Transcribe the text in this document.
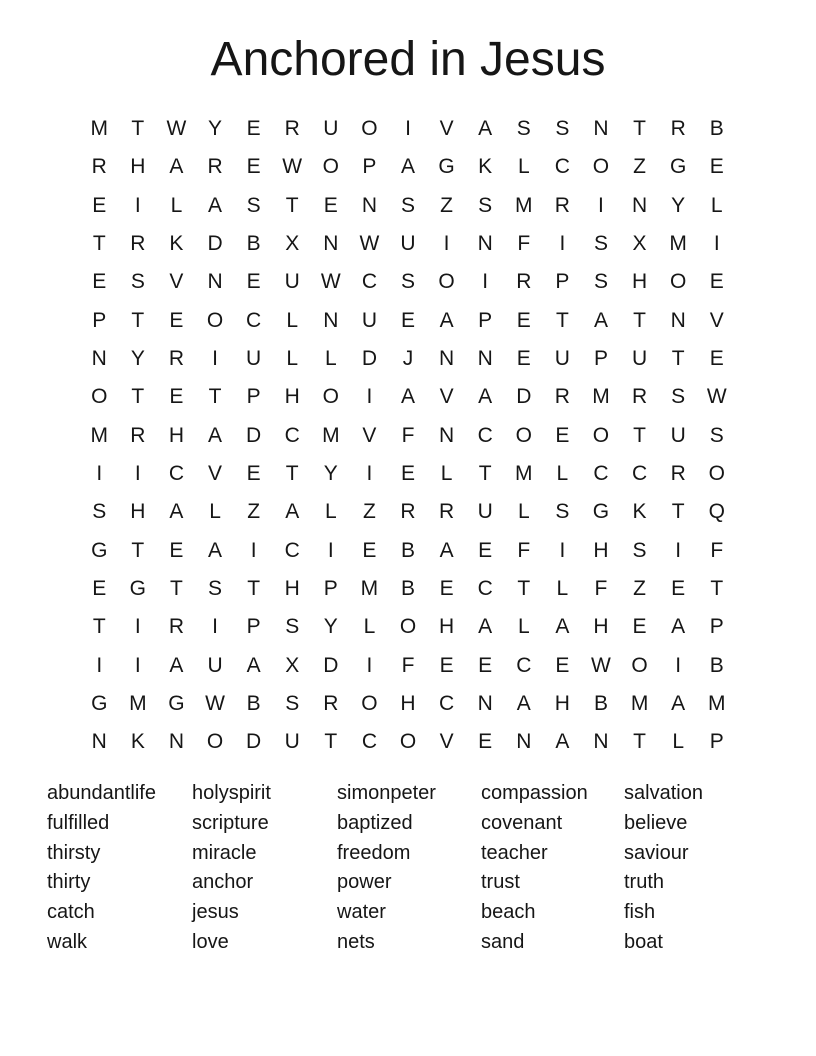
Anchored in Jesus
M	T	W	Y	E	R	U	O	I	V	A	S	S	N	T	R	B
R	H	A	R	E	W O	P	A	G	K	L	C	O	Z	G	E
E	I	L	A	S	T	E	N	S	Z	S	M	R	I	N	Y	L
T	R	K	D	B	X	N	W	U	I	N	F	I	S	X	M	I
E	S	V	N	E	U	W	C	S	O	I	R	P	S	H	O	E
P	T	E	O	C	L	N	U	E	A	P	E	T	A	T	N	V
N	Y	R	I	U	L	L	D	J	N	N	E	U	P	U	T	E
O	T	E	T	P	H	O	I	A	V	A	D	R	M	R	S	W
M	R	H	A	D	C	M	V	F	N	C	O	E	O	T	U	S
I	I	C	V	E	T	Y	I	E	L	T	M	L	C	C	R	O
S	H	A	L	Z	A	L	Z	R	R	U	L	S	G	K	T	Q
G	T	E	A	I	C	I	E	B	A	E	F	I	H	S	I	F
E	G	T	S	T	H	P	M	B	E	C	T	L	F	Z	E	T
T	I	R	I	P	S	Y	L	O	H	A	L	A	H	E	A	P
I	I	A	U	A	X	D	I	F	E	E	C	E	W O	I	B
G	M	G W	B	S	R	O	H	C	N	A	H	B	M	A	M
N	K	N	O	D	U	T	C	O	V	E	N	A	N	T	L	P
abundantlife
fulfilled
thirsty
thirty
catch
walk
holyspirit
scripture
miracle
anchor
jesus
love
simonpeter
baptized
freedom
power
water
nets
compassion
covenant
teacher
trust
beach
sand
salvation
believe
saviour
truth
fish
boat
